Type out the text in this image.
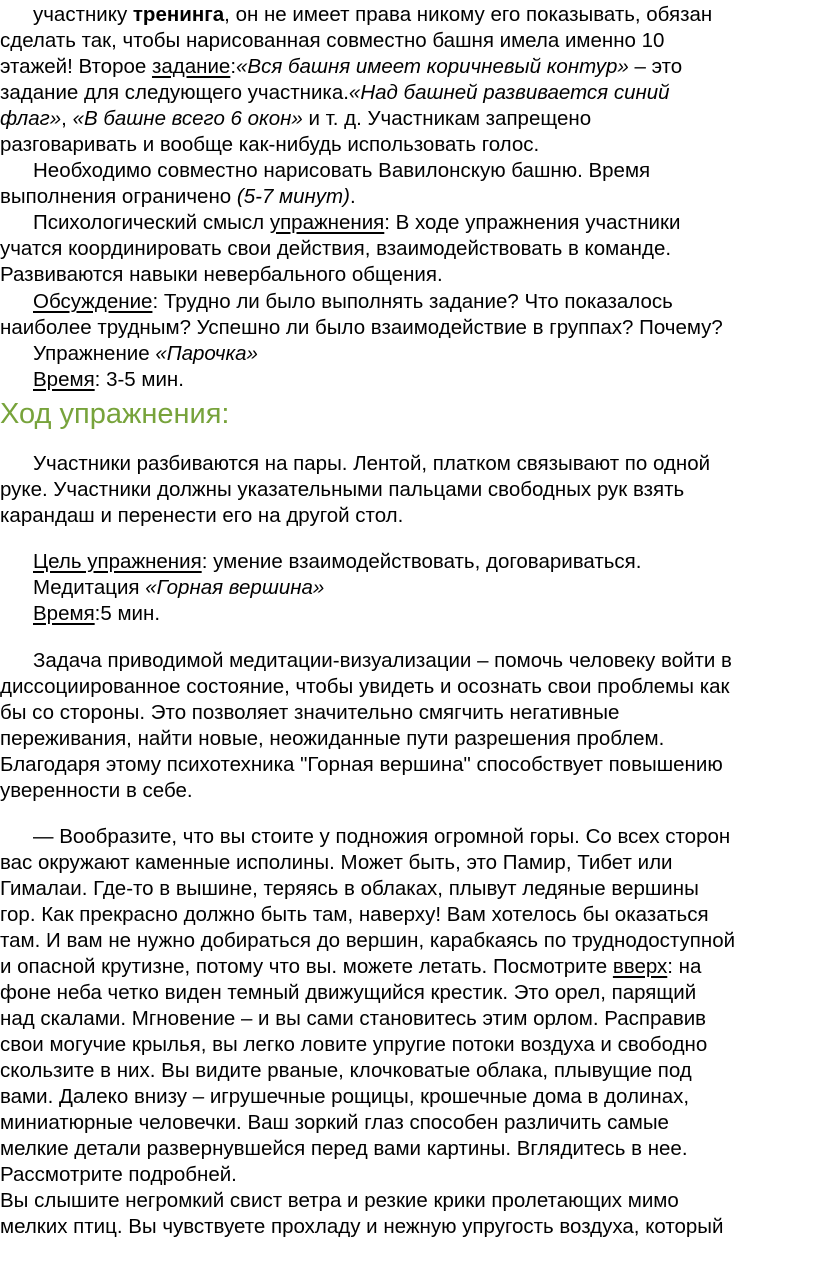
участнику тренинга, он не имеет права никому его показывать, обязан
сделать так, чтобы нарисованная совместно башня имела именно 10
этажей! Второе задание:«Вся башня имеет коричневый контур» – это
задание для следующего участника.«Над башней развивается синий
флаг», «В башне всего 6 окон» и т. д. Участникам запрещено
разговаривать и вообще как-нибудь использовать голос.
Необходимо совместно нарисовать Вавилонскую башню. Время
выполнения ограничено (5-7 минут).
Психологический смысл упражнения: В ходе упражнения участники
учатся координировать свои действия, взаимодействовать в команде.
Развиваются навыки невербального общения.
Обсуждение: Трудно ли было выполнять задание? Что показалось
наиболее трудным? Успешно ли было взаимодействие в группах? Почему?
Упражнение «Парочка»
Время: 3-5 мин.
Ход упражнения:
Участники разбиваются на пары. Лентой, платком связывают по одной
руке. Участники должны указательными пальцами свободных рук взять
карандаш и перенести его на другой стол.
Цель упражнения: умение взаимодействовать, договариваться.
Медитация «Горная вершина»
Время:5 мин.
Задача приводимой медитации-визуализации – помочь человеку войти в
диссоциированное состояние, чтобы увидеть и осознать свои проблемы как
бы со стороны. Это позволяет значительно смягчить негативные
переживания, найти новые, неожиданные пути разрешения проблем.
Благодаря этому психотехника "Горная вершина" способствует повышению
уверенности в себе.
— Вообразите, что вы стоите у подножия огромной горы. Со всех сторон
вас окружают каменные исполины. Может быть, это Памир, Тибет или
Гималаи. Где-то в вышине, теряясь в облаках, плывут ледяные вершины
гор. Как прекрасно должно быть там, наверху! Вам хотелось бы оказаться
там. И вам не нужно добираться до вершин, карабкаясь по труднодоступной
и опасной крутизне, потому что вы. можете летать. Посмотрите вверх: на
фоне неба четко виден темный движущийся крестик. Это орел, парящий
над скалами. Мгновение – и вы сами становитесь этим орлом. Расправив
свои могучие крылья, вы легко ловите упругие потоки воздуха и свободно
скользите в них. Вы видите рваные, клочковатые облака, плывущие под
вами. Далеко внизу – игрушечные рощицы, крошечные дома в долинах,
миниатюрные человечки. Ваш зоркий глаз способен различить самые
мелкие детали развернувшейся перед вами картины. Вглядитесь в нее.
Рассмотрите подробней.
Вы слышите негромкий свист ветра и резкие крики пролетающих мимо
мелких птиц. Вы чувствуете прохладу и нежную упругость воздуха, который
